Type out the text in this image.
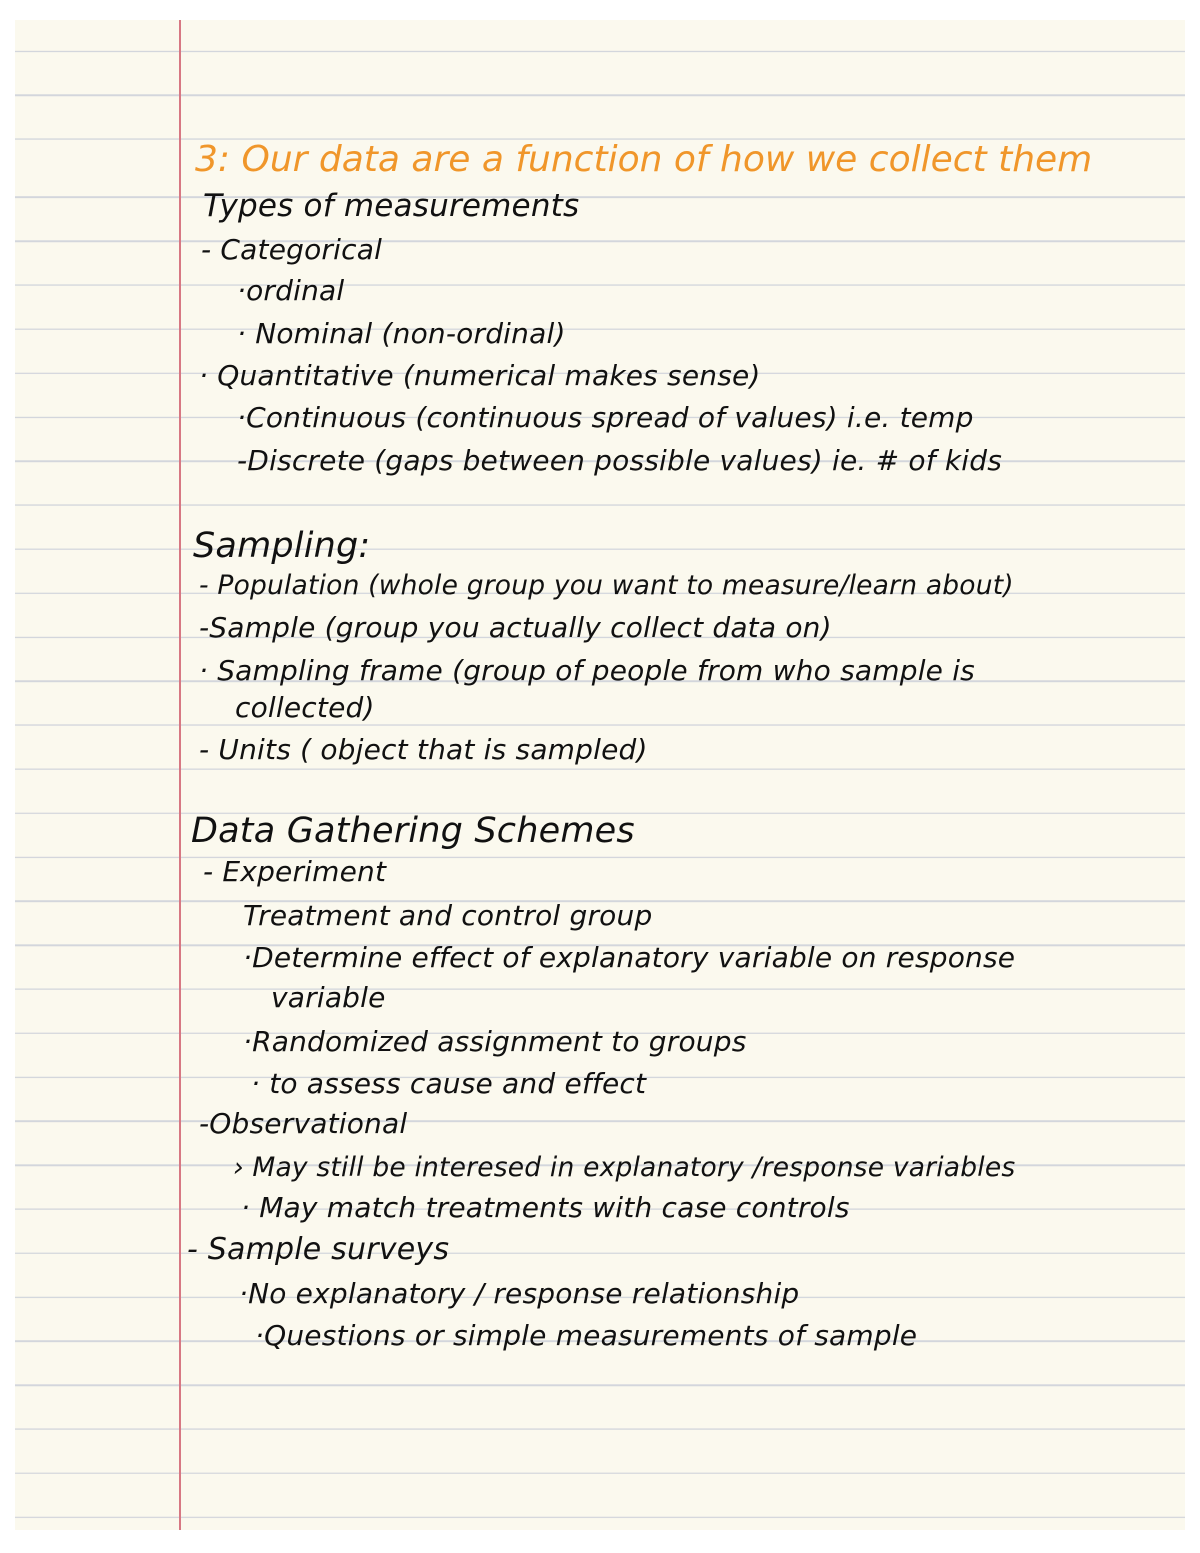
3: Our data are a function of how we collect them
Types of measurements
- Categorical
·ordinal
· Nominal (non-ordinal)
· Quantitative (numerical makes sense)
·Continuous (continuous spread of values) i.e. temp
-Discrete (gaps between possible values) ie. # of kids
Sampling:
- Population (whole group you want to measure/learn about)
-Sample (group you actually collect data on)
· Sampling frame (group of people from who sample is
collected)
- Units ( object that is sampled)
Data Gathering Schemes
- Experiment
Treatment and control group
·Determine effect of explanatory variable on response
variable
·Randomized assignment to groups
· to assess cause and effect
-Observational
› May still be interesed in explanatory /response variables
· May match treatments with case controls
- Sample surveys
·No explanatory / response relationship
·Questions or simple measurements of sample
